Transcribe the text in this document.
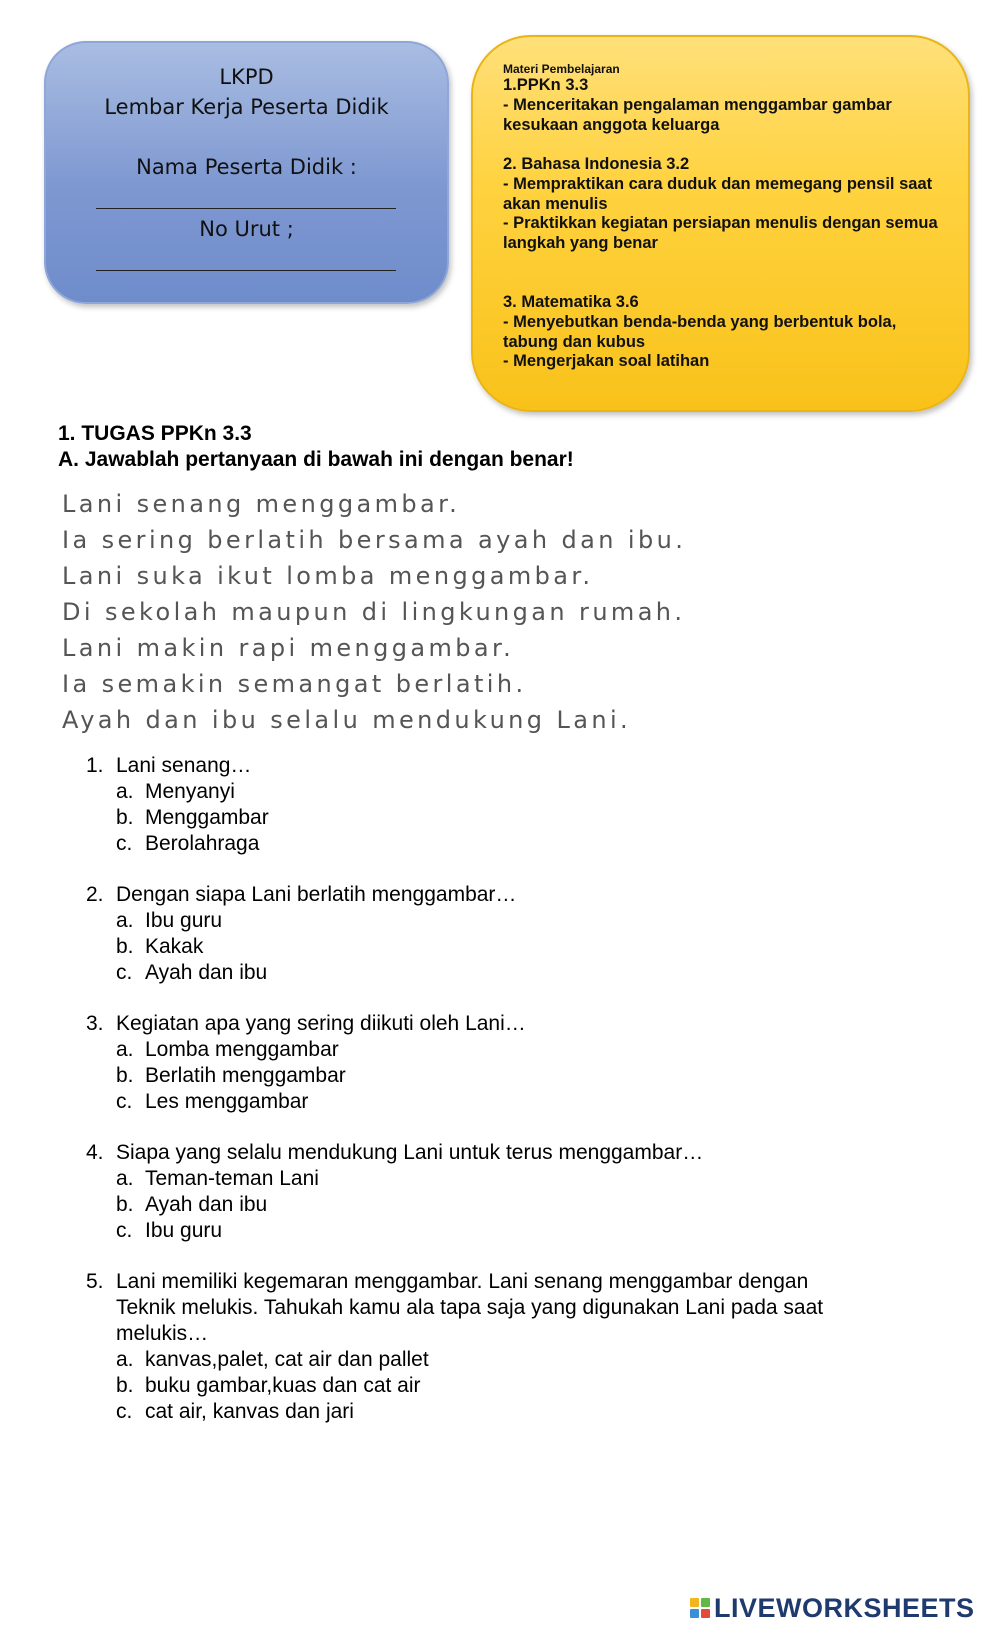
LKPD
Lembar Kerja Peserta Didik
Nama Peserta Didik :
No Urut ;
Materi Pembelajaran
1.PPKn 3.3
- Menceritakan pengalaman menggambar gambar kesukaan anggota keluarga
2. Bahasa Indonesia 3.2
- Mempraktikan cara duduk dan memegang pensil saat akan menulis
- Praktikkan kegiatan persiapan menulis dengan semua langkah yang benar
3. Matematika 3.6
- Menyebutkan benda-benda yang berbentuk bola, tabung dan kubus
- Mengerjakan soal latihan
1. TUGAS PPKn 3.3
A. Jawablah pertanyaan di bawah ini dengan benar!
Lani senang menggambar.
Ia sering berlatih bersama ayah dan ibu.
Lani suka ikut lomba menggambar.
Di sekolah maupun di lingkungan rumah.
Lani makin rapi menggambar.
Ia semakin semangat berlatih.
Ayah dan ibu selalu mendukung Lani.
1. Lani senang…
a. Menyanyi
b. Menggambar
c. Berolahraga
2. Dengan siapa Lani berlatih menggambar…
a. Ibu guru
b. Kakak
c. Ayah dan ibu
3. Kegiatan apa yang sering diikuti oleh Lani…
a. Lomba menggambar
b. Berlatih menggambar
c. Les menggambar
4. Siapa yang selalu mendukung Lani untuk terus menggambar…
a. Teman-teman Lani
b. Ayah dan ibu
c. Ibu guru
5. Lani memiliki kegemaran menggambar. Lani senang menggambar dengan
Teknik melukis. Tahukah kamu ala tapa saja yang digunakan Lani pada saat
melukis…
a. kanvas,palet, cat air dan pallet
b. buku gambar,kuas dan cat air
c. cat air, kanvas dan jari
LIVEWORKSHEETS
